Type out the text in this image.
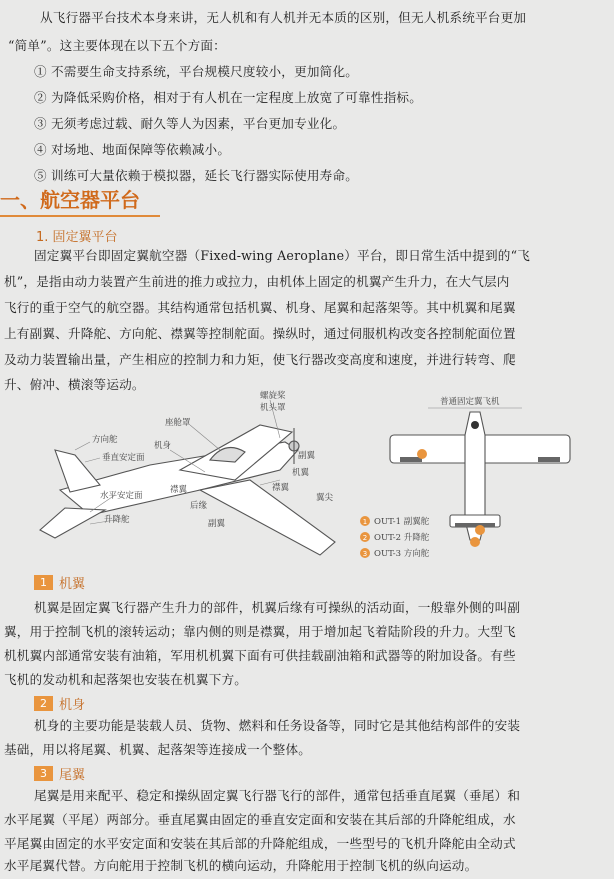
从飞行器平台技术本身来讲，无人机和有人机并无本质的区别，但无人机系统平台更加
“简单”。这主要体现在以下五个方面：
① 不需要生命支持系统，平台规模尺度较小，更加简化。
② 为降低采购价格，相对于有人机在一定程度上放宽了可靠性指标。
③ 无须考虑过载、耐久等人为因素，平台更加专业化。
④ 对场地、地面保障等依赖减小。
⑤ 训练可大量依赖于模拟器，延长飞行器实际使用寿命。
一、航空器平台
1. 固定翼平台
固定翼平台即固定翼航空器（Fixed-wing Aeroplane）平台，即日常生活中提到的“飞
机”，是指由动力装置产生前进的推力或拉力，由机体上固定的机翼产生升力，在大气层内
飞行的重于空气的航空器。其结构通常包括机翼、机身、尾翼和起落架等。其中机翼和尾翼
上有副翼、升降舵、方向舵、襟翼等控制舵面。操纵时，通过伺服机构改变各控制舵面位置
及动力装置输出量，产生相应的控制力和力矩，使飞行器改变高度和速度，并进行转弯、爬
升、俯冲、横滚等运动。
方向舵
垂直安定面
座舱罩
机身
螺旋桨
机头罩
水平安定面
升降舵
襟翼
后缘
副翼
翼尖
机翼
副翼
襟翼
普通固定翼飞机
1 OUT-1 副翼舵
2 OUT-2 升降舵
3 OUT-3 方向舵
1 机翼
机翼是固定翼飞行器产生升力的部件，机翼后缘有可操纵的活动面，一般靠外侧的叫副
翼，用于控制飞机的滚转运动；靠内侧的则是襟翼，用于增加起飞着陆阶段的升力。大型飞
机机翼内部通常安装有油箱，军用机机翼下面有可供挂载副油箱和武器等的附加设备。有些
飞机的发动机和起落架也安装在机翼下方。
2 机身
机身的主要功能是装载人员、货物、燃料和任务设备等，同时它是其他结构部件的安装
基础，用以将尾翼、机翼、起落架等连接成一个整体。
3 尾翼
尾翼是用来配平、稳定和操纵固定翼飞行器飞行的部件，通常包括垂直尾翼（垂尾）和
水平尾翼（平尾）两部分。垂直尾翼由固定的垂直安定面和安装在其后部的升降舵组成，水
平尾翼由固定的水平安定面和安装在其后部的升降舵组成，一些型号的飞机升降舵由全动式
水平尾翼代替。方向舵用于控制飞机的横向运动，升降舵用于控制飞机的纵向运动。
